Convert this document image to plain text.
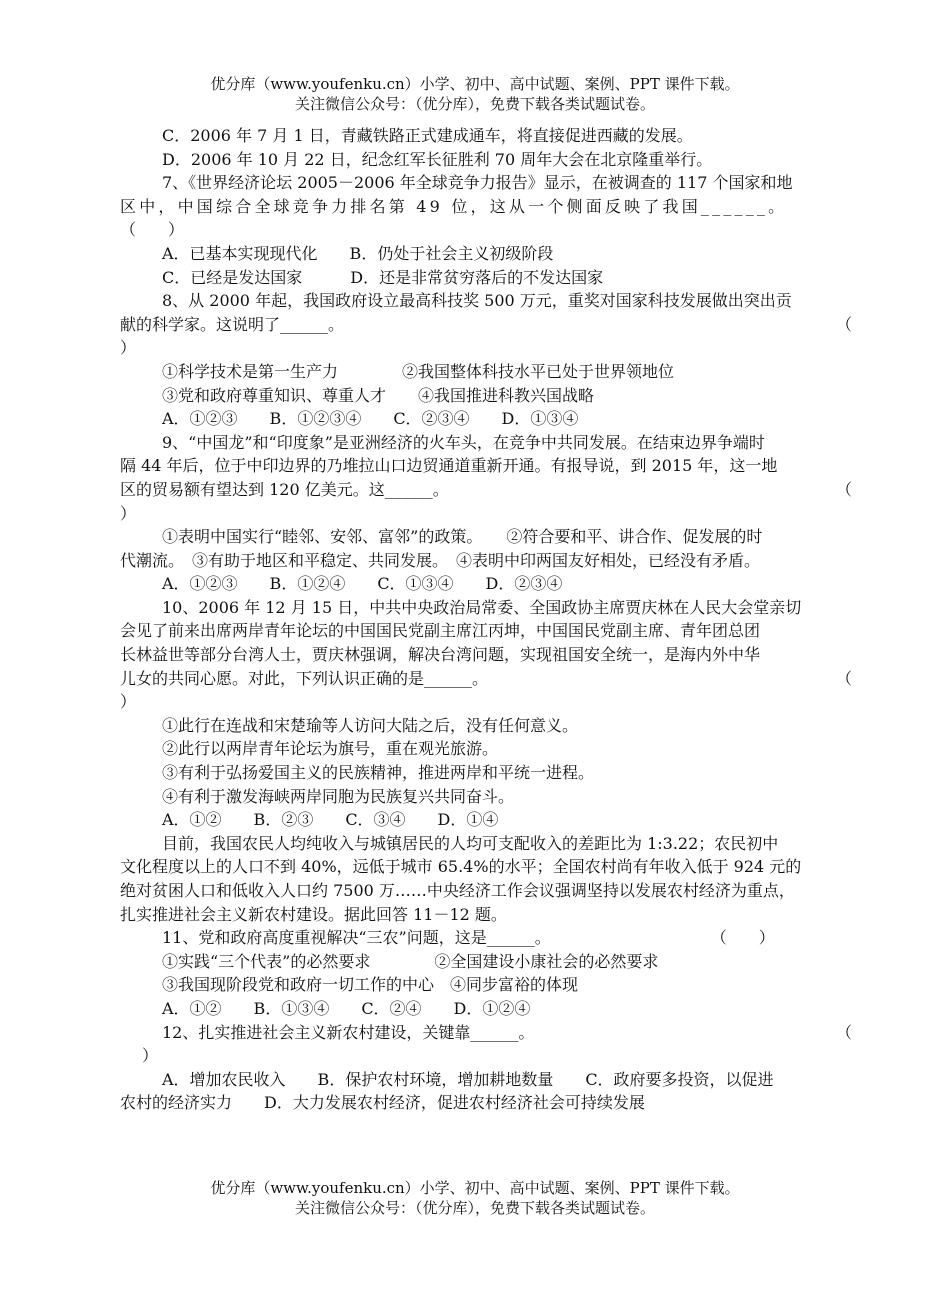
优分库（www.youfenku.cn）小学、初中、高中试题、案例、PPT 课件下载。
关注微信公众号：（优分库），免费下载各类试题试卷。
C．2006 年 7 月 1 日，青藏铁路正式建成通车，将直接促进西藏的发展。
D．2006 年 10 月 22 日，纪念红军长征胜利 70 周年大会在北京隆重举行。
7、《世界经济论坛 2005－2006 年全球竞争力报告》显示，在被调查的 117 个国家和地
区中，中国综合全球竞争力排名第 49 位，这从一个侧面反映了我国______。
（　　）
A．已基本实现现代化　　B．仍处于社会主义初级阶段
C．已经是发达国家　　　D．还是非常贫穷落后的不发达国家
8、从 2000 年起，我国政府设立最高科技奖 500 万元，重奖对国家科技发展做出突出贡
献的科学家。这说明了______。	（
）
①科学技术是第一生产力　　　　②我国整体科技水平已处于世界领地位
③党和政府尊重知识、尊重人才　　④我国推进科教兴国战略
A．①②③　　B．①②③④　　C．②③④　　D．①③④
9、“中国龙”和“印度象”是亚洲经济的火车头，在竞争中共同发展。在结束边界争端时
隔 44 年后，位于中印边界的乃堆拉山口边贸通道重新开通。有报导说，到 2015 年，这一地
区的贸易额有望达到 120 亿美元。这______。	（
）
①表明中国实行“睦邻、安邻、富邻”的政策。　　②符合要和平、讲合作、促发展的时
代潮流。　③有助于地区和平稳定、共同发展。　④表明中印两国友好相处，已经没有矛盾。
A．①②③　　B．①②④　　C．①③④　　D．②③④
10、2006 年 12 月 15 日，中共中央政治局常委、全国政协主席贾庆林在人民大会堂亲切
会见了前来出席两岸青年论坛的中国国民党副主席江丙坤，中国国民党副主席、青年团总团
长林益世等部分台湾人士，贾庆林强调，解决台湾问题，实现祖国安全统一，是海内外中华
儿女的共同心愿。对此，下列认识正确的是______。	（
）
①此行在连战和宋楚瑜等人访问大陆之后，没有任何意义。
②此行以两岸青年论坛为旗号，重在观光旅游。
③有利于弘扬爱国主义的民族精神，推进两岸和平统一进程。
④有利于激发海峡两岸同胞为民族复兴共同奋斗。
A．①②　　B．②③　　C．③④　　D．①④
目前，我国农民人均纯收入与城镇居民的人均可支配收入的差距比为 1:3.22；农民初中
文化程度以上的人口不到 40%，远低于城市 65.4%的水平；全国农村尚有年收入低于 924 元的
绝对贫困人口和低收入人口约 7500 万……中央经济工作会议强调坚持以发展农村经济为重点，
扎实推进社会主义新农村建设。据此回答 11－12 题。
11、党和政府高度重视解决“三农”问题，这是______。	（　　）
①实践“三个代表”的必然要求　　　　②全国建设小康社会的必然要求
③我国现阶段党和政府一切工作的中心　④同步富裕的体现
A．①②　　B．①③④　　C．②④　　D．①②④
12、扎实推进社会主义新农村建设，关键靠______。	（
）
A．增加农民收入　　B．保护农村环境，增加耕地数量　　C．政府要多投资，以促进
农村的经济实力　　D．大力发展农村经济，促进农村经济社会可持续发展
优分库（www.youfenku.cn）小学、初中、高中试题、案例、PPT 课件下载。
关注微信公众号：（优分库），免费下载各类试题试卷。
